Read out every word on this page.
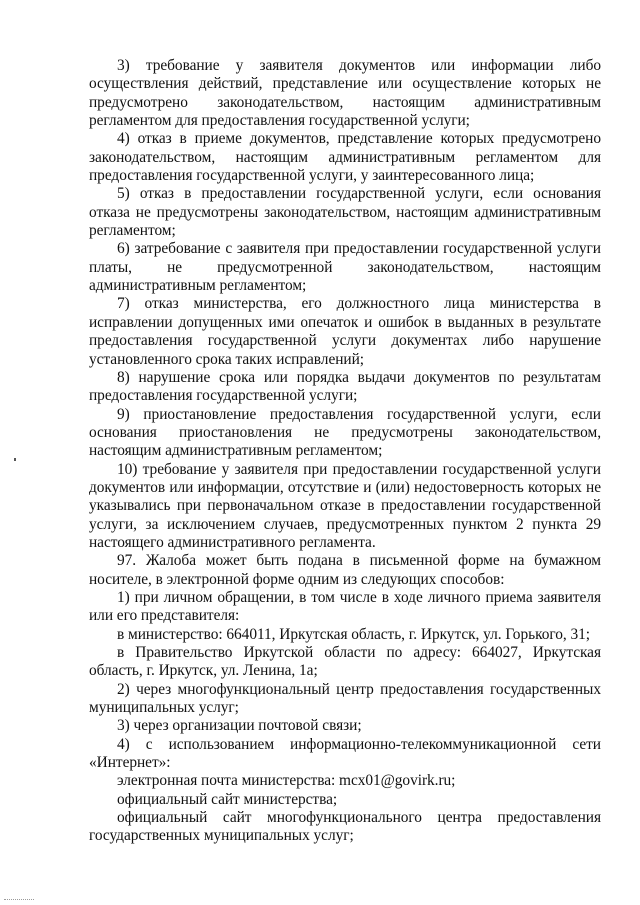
3) требование у заявителя документов или информации либо осуществления действий, представление или осуществление которых не предусмотрено законодательством, настоящим административным регламентом для предоставления государственной услуги;

4) отказ в приеме документов, представление которых предусмотрено законодательством, настоящим административным регламентом для предоставления государственной услуги, у заинтересованного лица;

5) отказ в предоставлении государственной услуги, если основания отказа не предусмотрены законодательством, настоящим административным регламентом;

6) затребование с заявителя при предоставлении государственной услуги платы, не предусмотренной законодательством, настоящим административным регламентом;

7) отказ министерства, его должностного лица министерства в исправлении допущенных ими опечаток и ошибок в выданных в результате предоставления государственной услуги документах либо нарушение установленного срока таких исправлений;

8) нарушение срока или порядка выдачи документов по результатам предоставления государственной услуги;

9) приостановление предоставления государственной услуги, если основания приостановления не предусмотрены законодательством, настоящим административным регламентом;

10) требование у заявителя при предоставлении государственной услуги документов или информации, отсутствие и (или) недостоверность которых не указывались при первоначальном отказе в предоставлении государственной услуги, за исключением случаев, предусмотренных пунктом 2 пункта 29 настоящего административного регламента.

97. Жалоба может быть подана в письменной форме на бумажном носителе, в электронной форме одним из следующих способов:

1) при личном обращении, в том числе в ходе личного приема заявителя или его представителя:

в министерство: 664011, Иркутская область, г. Иркутск, ул. Горького, 31;

в Правительство Иркутской области по адресу: 664027, Иркутская область, г. Иркутск, ул. Ленина, 1а;

2) через многофункциональный центр предоставления государственных муниципальных услуг;

3) через организации почтовой связи;

4) с использованием информационно-телекоммуникационной сети «Интернет»:

электронная почта министерства: mcx01@govirk.ru;

официальный сайт министерства;

официальный сайт многофункционального центра предоставления государственных муниципальных услуг;
